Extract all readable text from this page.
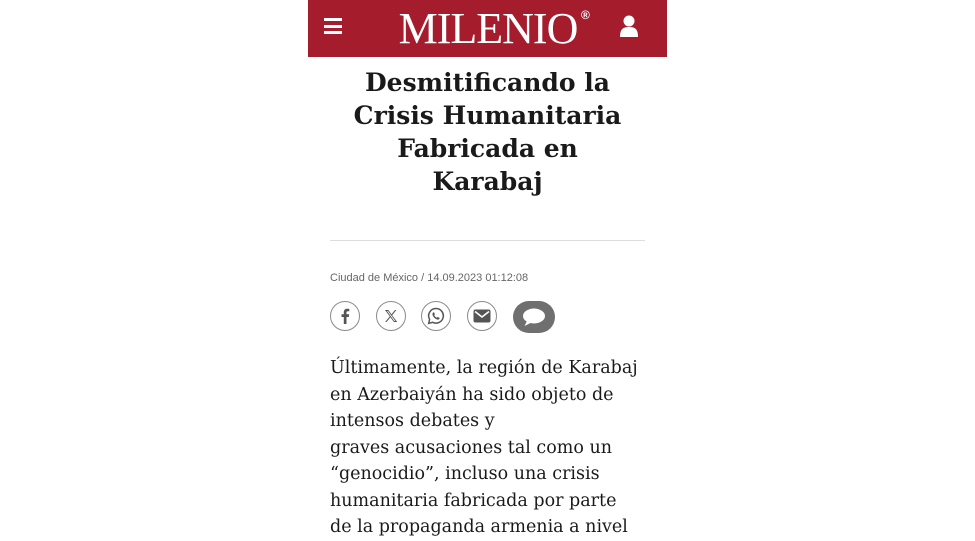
MILENIO ®
Desmitificando la
Crisis Humanitaria
Fabricada en
Karabaj
Ciudad de México / 14.09.2023 01:12:08

Últimamente, la región de Karabaj
en Azerbaiyán ha sido objeto de
intensos debates y
graves acusaciones tal como un
“genocidio”, incluso una crisis
humanitaria fabricada por parte
de la propaganda armenia a nivel
